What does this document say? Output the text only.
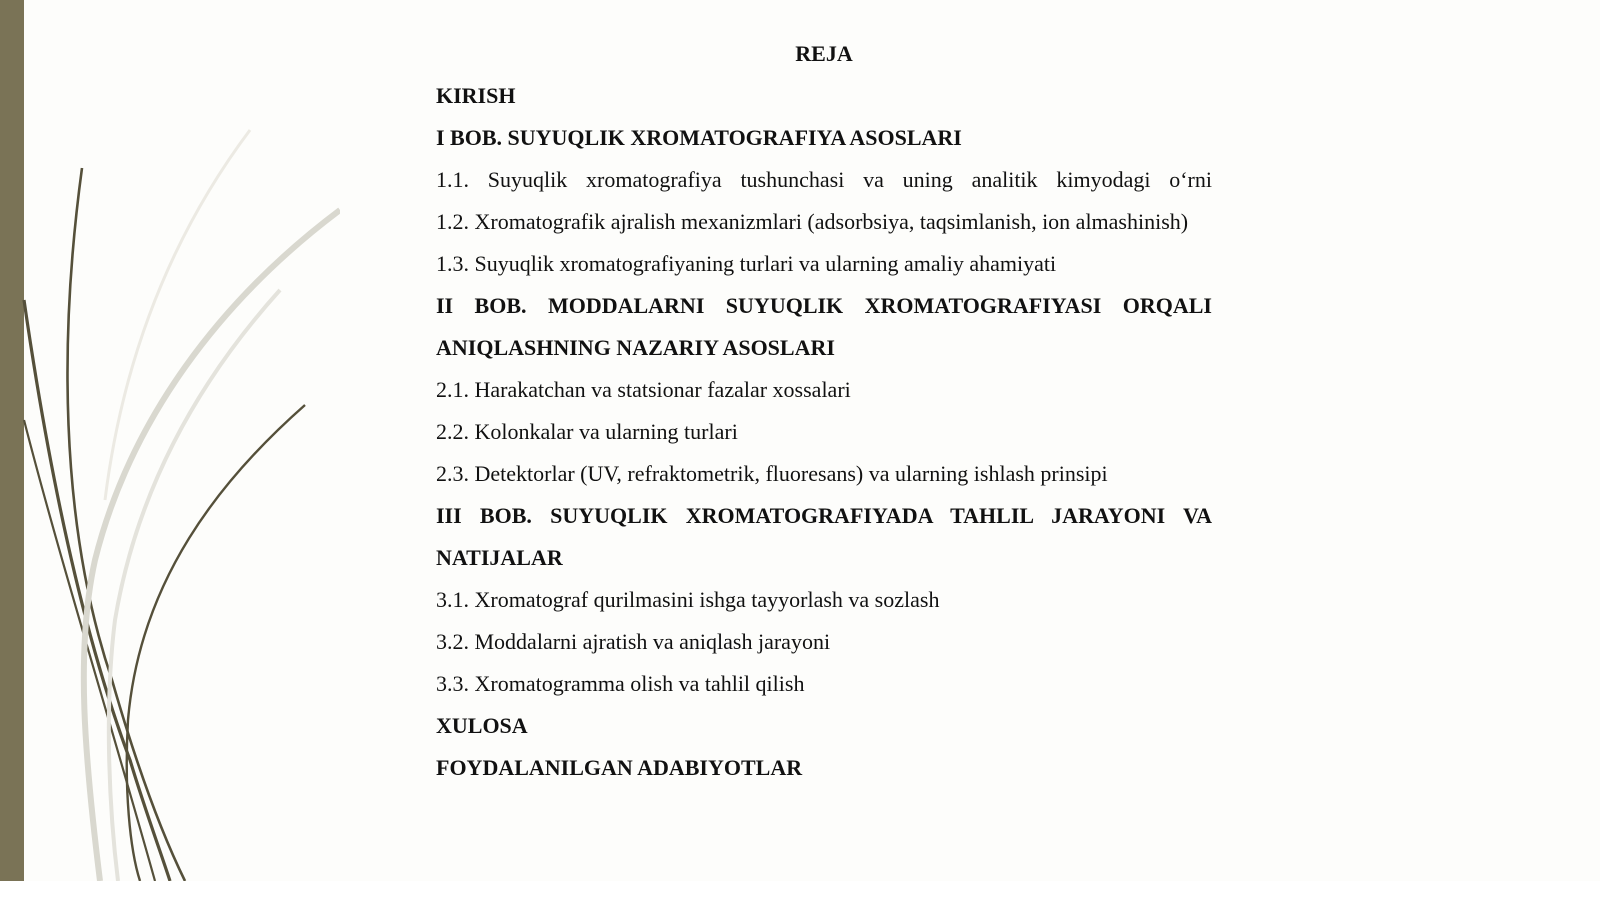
REJA
KIRISH
I BOB. SUYUQLIK XROMATOGRAFIYA ASOSLARI
1.1. Suyuqlik xromatografiya tushunchasi va uning analitik kimyodagi o‘rni
1.2. Xromatografik ajralish mexanizmlari (adsorbsiya, taqsimlanish, ion almashinish)
1.3. Suyuqlik xromatografiyaning turlari va ularning amaliy ahamiyati
II BOB. MODDALARNI SUYUQLIK XROMATOGRAFIYASI ORQALI ANIQLASHNING NAZARIY ASOSLARI
2.1. Harakatchan va statsionar fazalar xossalari
2.2. Kolonkalar va ularning turlari
2.3. Detektorlar (UV, refraktometrik, fluoresans) va ularning ishlash prinsipi
III BOB. SUYUQLIK XROMATOGRAFIYADA TAHLIL JARAYONI VA NATIJALAR
3.1. Xromatograf qurilmasini ishga tayyorlash va sozlash
3.2. Moddalarni ajratish va aniqlash jarayoni
3.3. Xromatogramma olish va tahlil qilish
XULOSA
FOYDALANILGAN ADABIYOTLAR
